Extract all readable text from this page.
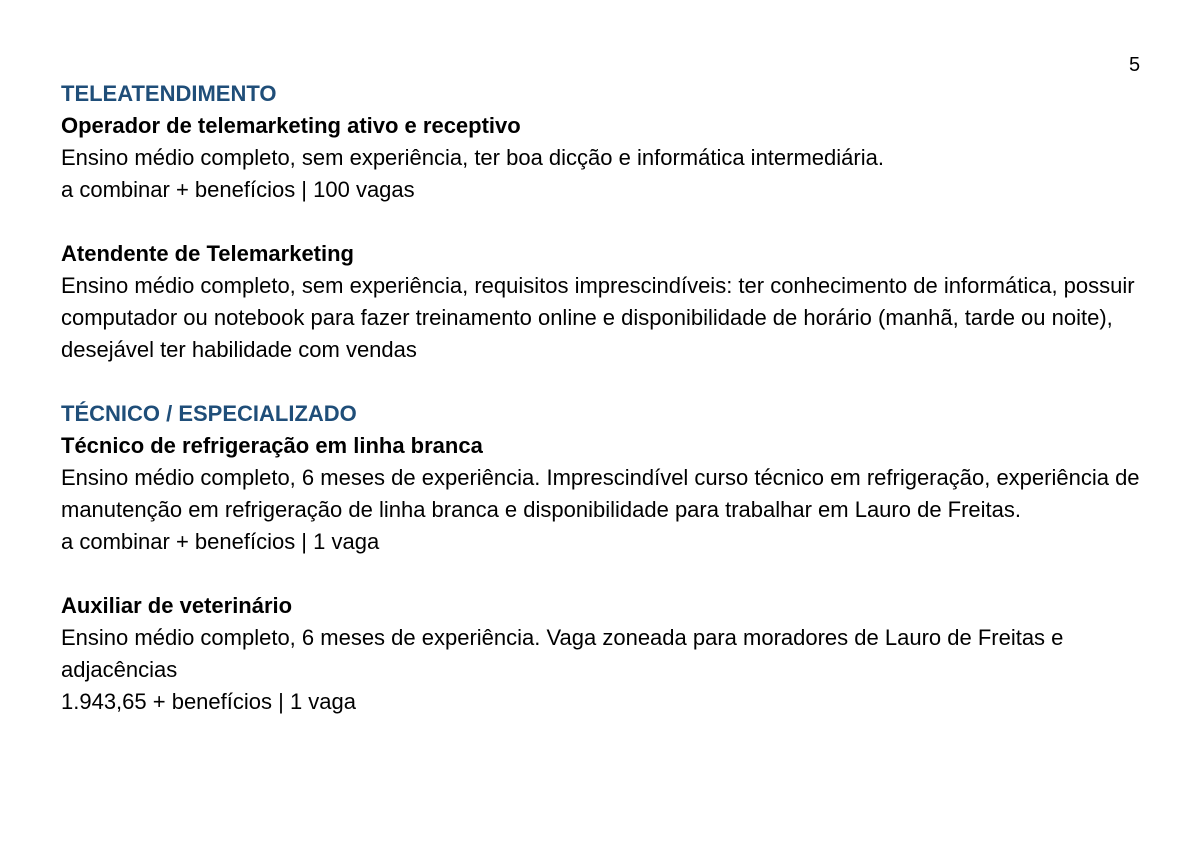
5

TELEATENDIMENTO

Operador de telemarketing ativo e receptivo

Ensino médio completo, sem experiência, ter boa dicção e informática intermediária.

a combinar + benefícios | 100 vagas

Atendente de Telemarketing

Ensino médio completo, sem experiência, requisitos imprescindíveis: ter conhecimento de informática, possuir computador ou notebook para fazer treinamento online e disponibilidade de horário (manhã, tarde ou noite), desejável ter habilidade com vendas

TÉCNICO / ESPECIALIZADO

Técnico de refrigeração em linha branca

Ensino médio completo, 6 meses de experiência. Imprescindível curso técnico em refrigeração, experiência de manutenção em refrigeração de linha branca e disponibilidade para trabalhar em Lauro de Freitas.

a combinar + benefícios | 1 vaga

Auxiliar de veterinário

Ensino médio completo, 6 meses de experiência. Vaga zoneada para moradores de Lauro de Freitas e adjacências

1.943,65 + benefícios | 1 vaga
